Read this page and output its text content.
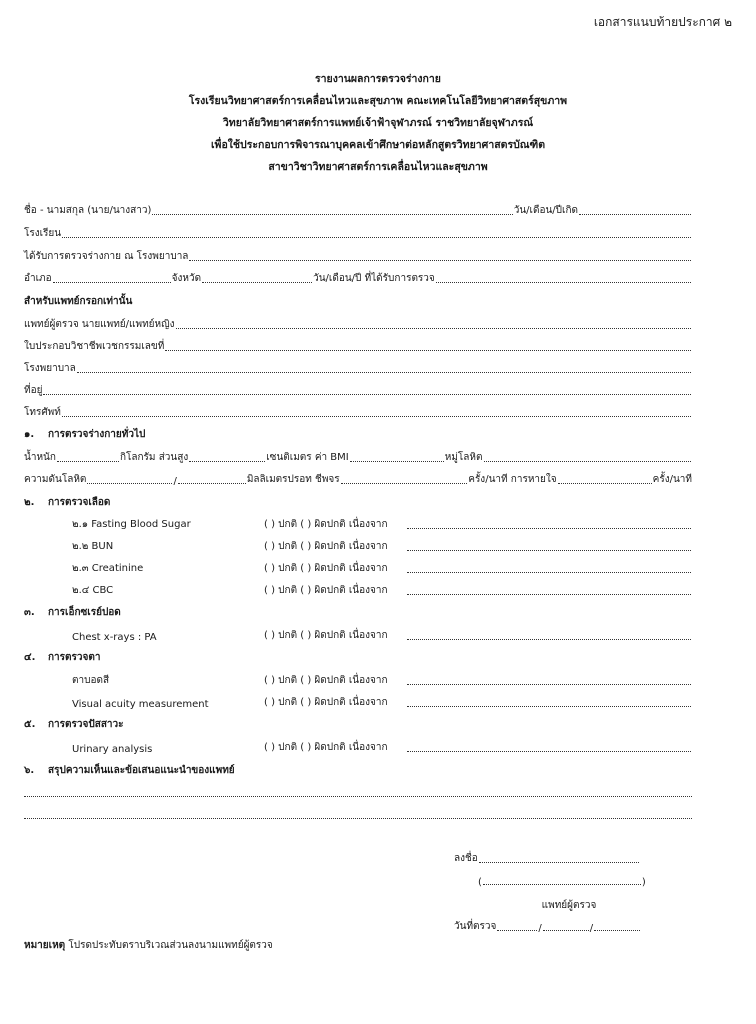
เอกสารแนบท้ายประกาศ ๒
รายงานผลการตรวจร่างกาย
โรงเรียนวิทยาศาสตร์การเคลื่อนไหวและสุขภาพ คณะเทคโนโลยีวิทยาศาสตร์สุขภาพ
วิทยาลัยวิทยาศาสตร์การแพทย์เจ้าฟ้าจุฬาภรณ์ ราชวิทยาลัยจุฬาภรณ์
เพื่อใช้ประกอบการพิจารณาบุคคลเข้าศึกษาต่อหลักสูตรวิทยาศาสตรบัณฑิต
สาขาวิชาวิทยาศาสตร์การเคลื่อนไหวและสุขภาพ
ชื่อ - นามสกุล (นาย/นางสาว)	วัน/เดือน/ปีเกิด
โรงเรียน
ได้รับการตรวจร่างกาย ณ โรงพยาบาล
อำเภอ	จังหวัด	วัน/เดือน/ปี ที่ได้รับการตรวจ
สำหรับแพทย์กรอกเท่านั้น
แพทย์ผู้ตรวจ นายแพทย์/แพทย์หญิง
ใบประกอบวิชาชีพเวชกรรมเลขที่
โรงพยาบาล
ที่อยู่
โทรศัพท์
๑.	การตรวจร่างกายทั่วไป
น้ำหนัก	กิโลกรัม ส่วนสูง	เซนติเมตร ค่า BMI	หมู่โลหิต
ความดันโลหิต	/	มิลลิเมตรปรอท ชีพจร	ครั้ง/นาที การหายใจ	ครั้ง/นาที
๒.	การตรวจเลือด
๒.๑ Fasting Blood Sugar	( ) ปกติ ( ) ผิดปกติ เนื่องจาก
๒.๒ BUN	( ) ปกติ ( ) ผิดปกติ เนื่องจาก
๒.๓ Creatinine	( ) ปกติ ( ) ผิดปกติ เนื่องจาก
๒.๔ CBC	( ) ปกติ ( ) ผิดปกติ เนื่องจาก
๓.	การเอ็กซเรย์ปอด
Chest x-rays : PA	( ) ปกติ ( ) ผิดปกติ เนื่องจาก
๔.	การตรวจตา
ตาบอดสี	( ) ปกติ ( ) ผิดปกติ เนื่องจาก
Visual acuity measurement	( ) ปกติ ( ) ผิดปกติ เนื่องจาก
๕.	การตรวจปัสสาวะ
Urinary analysis	( ) ปกติ ( ) ผิดปกติ เนื่องจาก
๖.	สรุปความเห็นและข้อเสนอแนะนำของแพทย์
ลงชื่อ
(	)
แพทย์ผู้ตรวจ
วันที่ตรวจ	/	/
หมายเหตุ โปรดประทับตราบริเวณส่วนลงนามแพทย์ผู้ตรวจ
